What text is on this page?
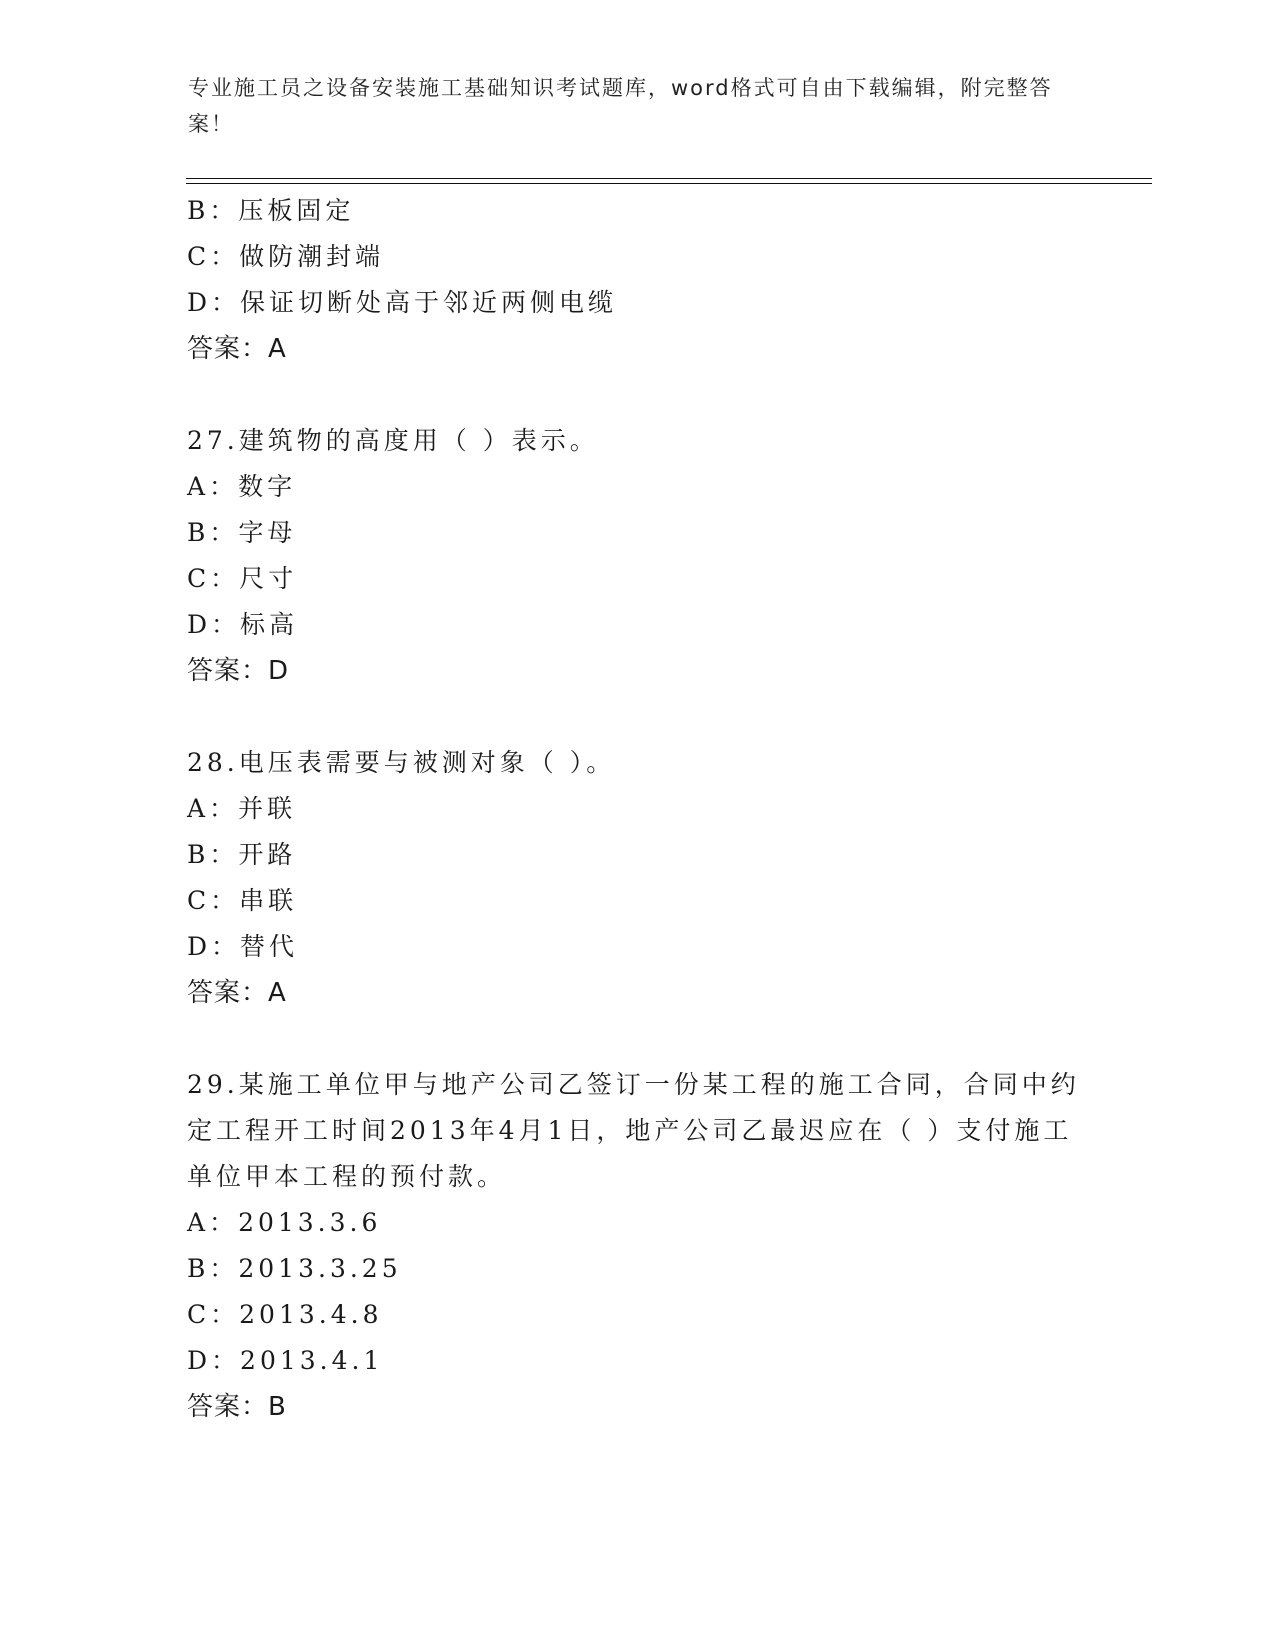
专业施工员之设备安装施工基础知识考试题库，word格式可自由下载编辑，附完整答案！
B：压板固定
C：做防潮封端
D：保证切断处高于邻近两侧电缆
答案：A
27.建筑物的高度用（ ）表示。
A：数字
B：字母
C：尺寸
D：标高
答案：D
28.电压表需要与被测对象（ ）。
A：并联
B：开路
C：串联
D：替代
答案：A
29.某施工单位甲与地产公司乙签订一份某工程的施工合同，合同中约定工程开工时间2013年4月1日，地产公司乙最迟应在（ ）支付施工单位甲本工程的预付款。
A：2013.3.6
B：2013.3.25
C：2013.4.8
D：2013.4.1
答案：B
